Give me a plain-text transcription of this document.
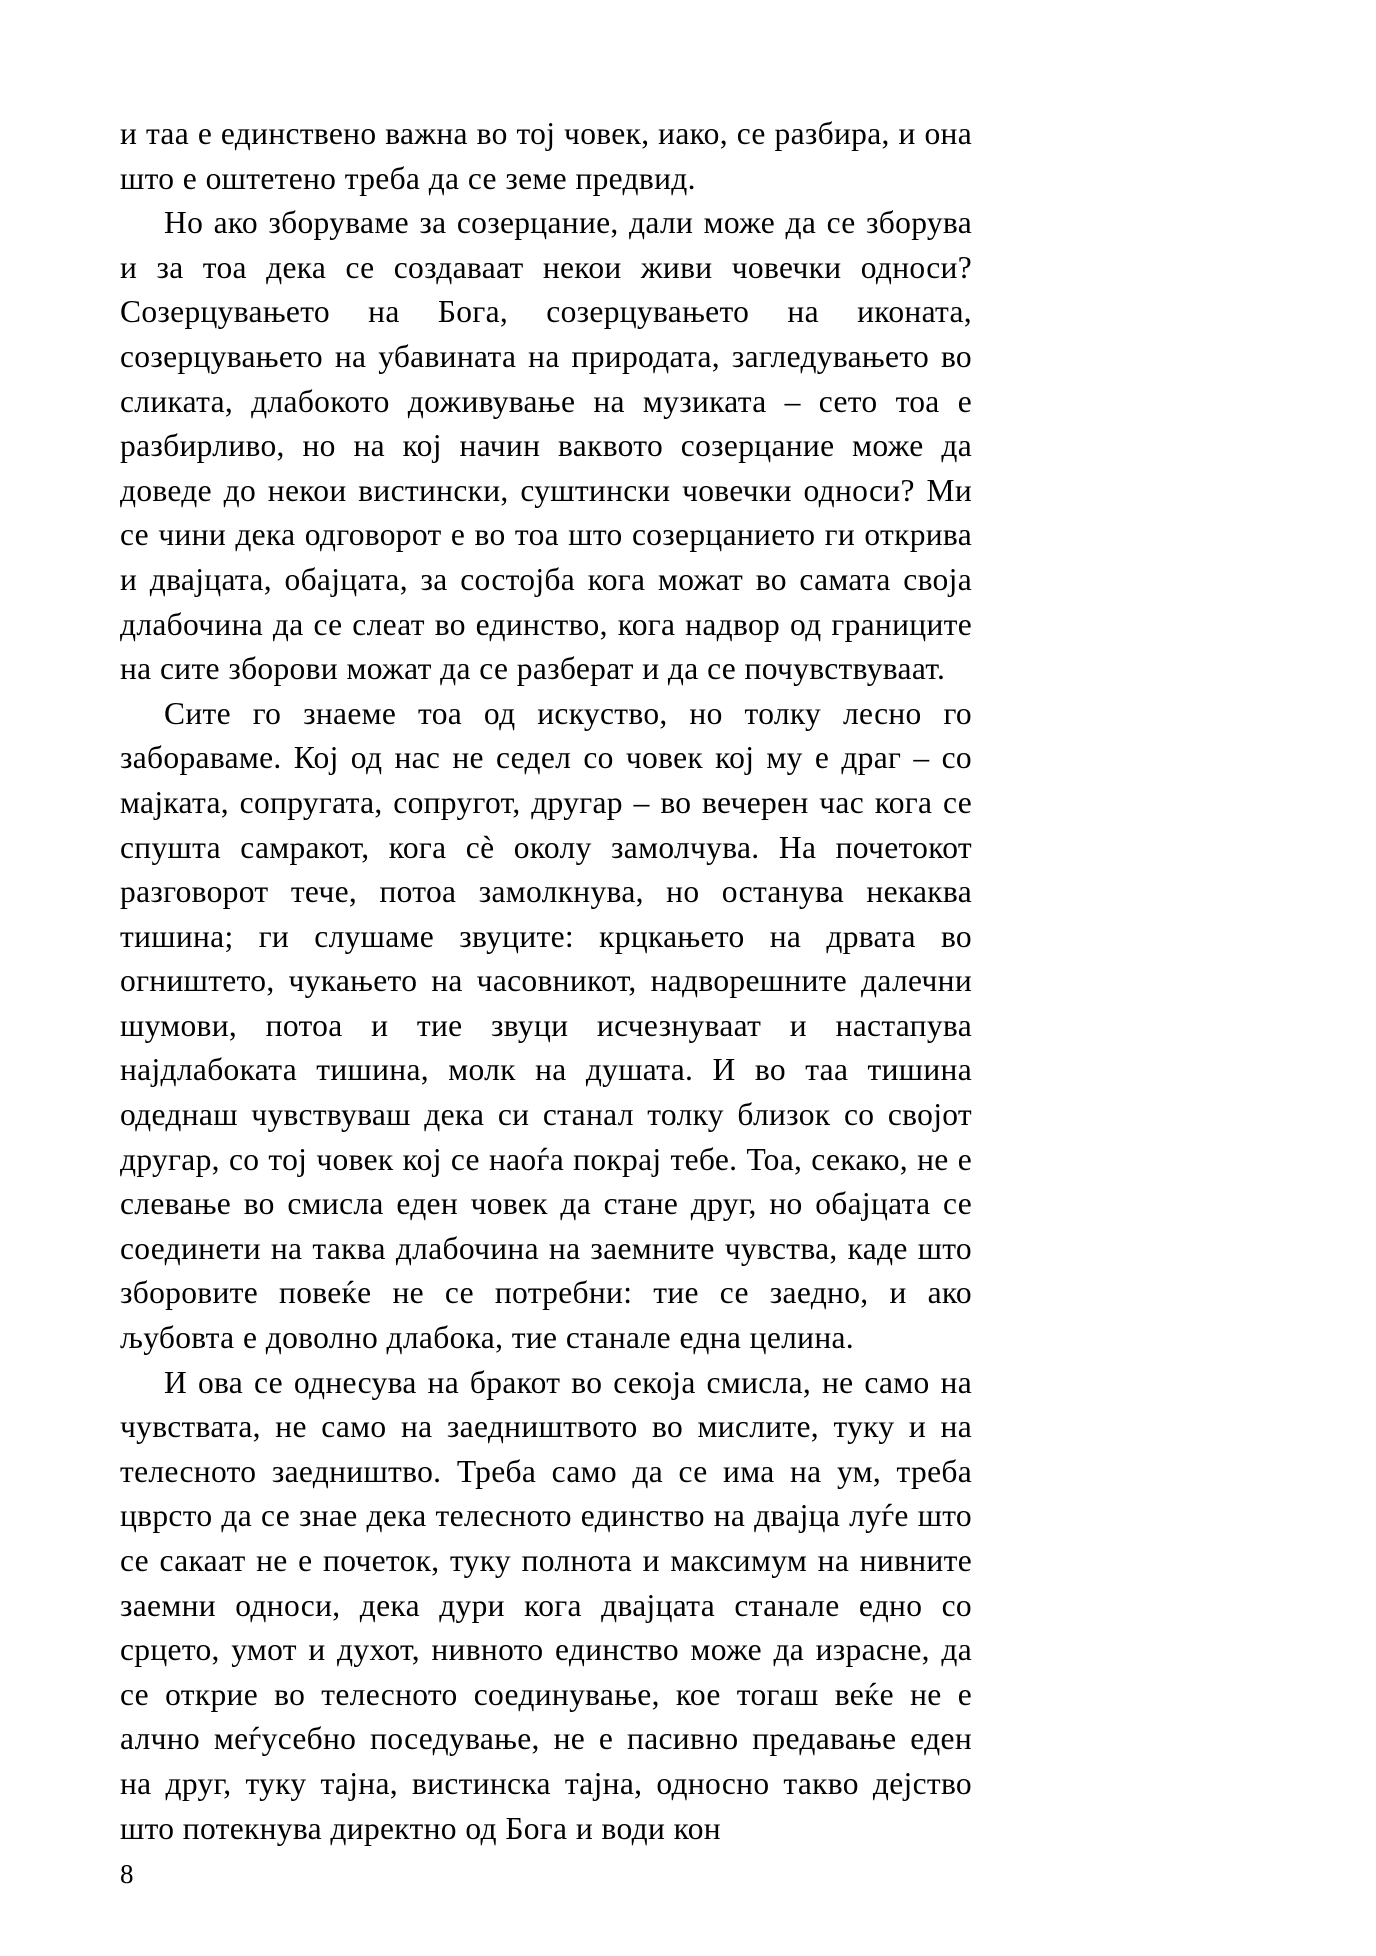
и таа е единствено важна во тој човек, иако, се разбира, и она што е оштетено треба да се земе предвид.

Но ако зборуваме за созерцание, дали може да се зборува и за тоа дека се создаваат некои живи човечки односи? Созерцувањето на Бога, созерцувањето на иконата, созерцувањето на убавината на природата, загледувањето во сликата, длабокото доживување на музиката – сето тоа е разбирливо, но на кој начин ваквото созерцание може да доведе до некои вистински, суштински човечки односи? Ми се чини дека одговорот е во тоа што созерцанието ги открива и двајцата, обајцата, за состојба кога можат во самата своја длабочина да се слеат во единство, кога надвор од границите на сите зборови можат да се разберат и да се почувствуваат.

Сите го знаеме тоа од искуство, но толку лесно го забораваме. Кој од нас не седел со човек кој му е драг – со мајката, сопругата, сопругот, другар – во вечерен час кога се спушта самракот, кога сѐ околу замолчува. На почетокот разговорот тече, потоа замолкнува, но останува некаква тишина; ги слушаме звуците: крцкањето на дрвата во огништето, чукањето на часовникот, надворешните далечни шумови, потоа и тие звуци исчезнуваат и настапува најдлабоката тишина, молк на душата. И во таа тишина одеднаш чувствуваш дека си станал толку близок со својот другар, со тој човек кој се наоѓа покрај тебе. Тоа, секако, не е слевање во смисла еден човек да стане друг, но обајцата се соединети на таква длабочина на заемните чувства, каде што зборовите повеќе не се потребни: тие се заедно, и ако љубовта е доволно длабока, тие станале една целина.

И ова се однесува на бракот во секоја смисла, не само на чувствата, не само на заедништвото во мислите, туку и на телесното заедништво. Треба само да се има на ум, треба цврсто да се знае дека телесното единство на двајца луѓе што се сакаат не е почеток, туку полнота и максимум на нивните заемни односи, дека дури кога двајцата станале едно со срцето, умот и духот, нивното единство може да израсне, да се открие во телесното соединување, кое тогаш веќе не е алчно меѓусебно поседување, не е пасивно предавање еден на друг, туку тајна, вистинска тајна, односно такво дејство што потекнува директно од Бога и води кон

8
